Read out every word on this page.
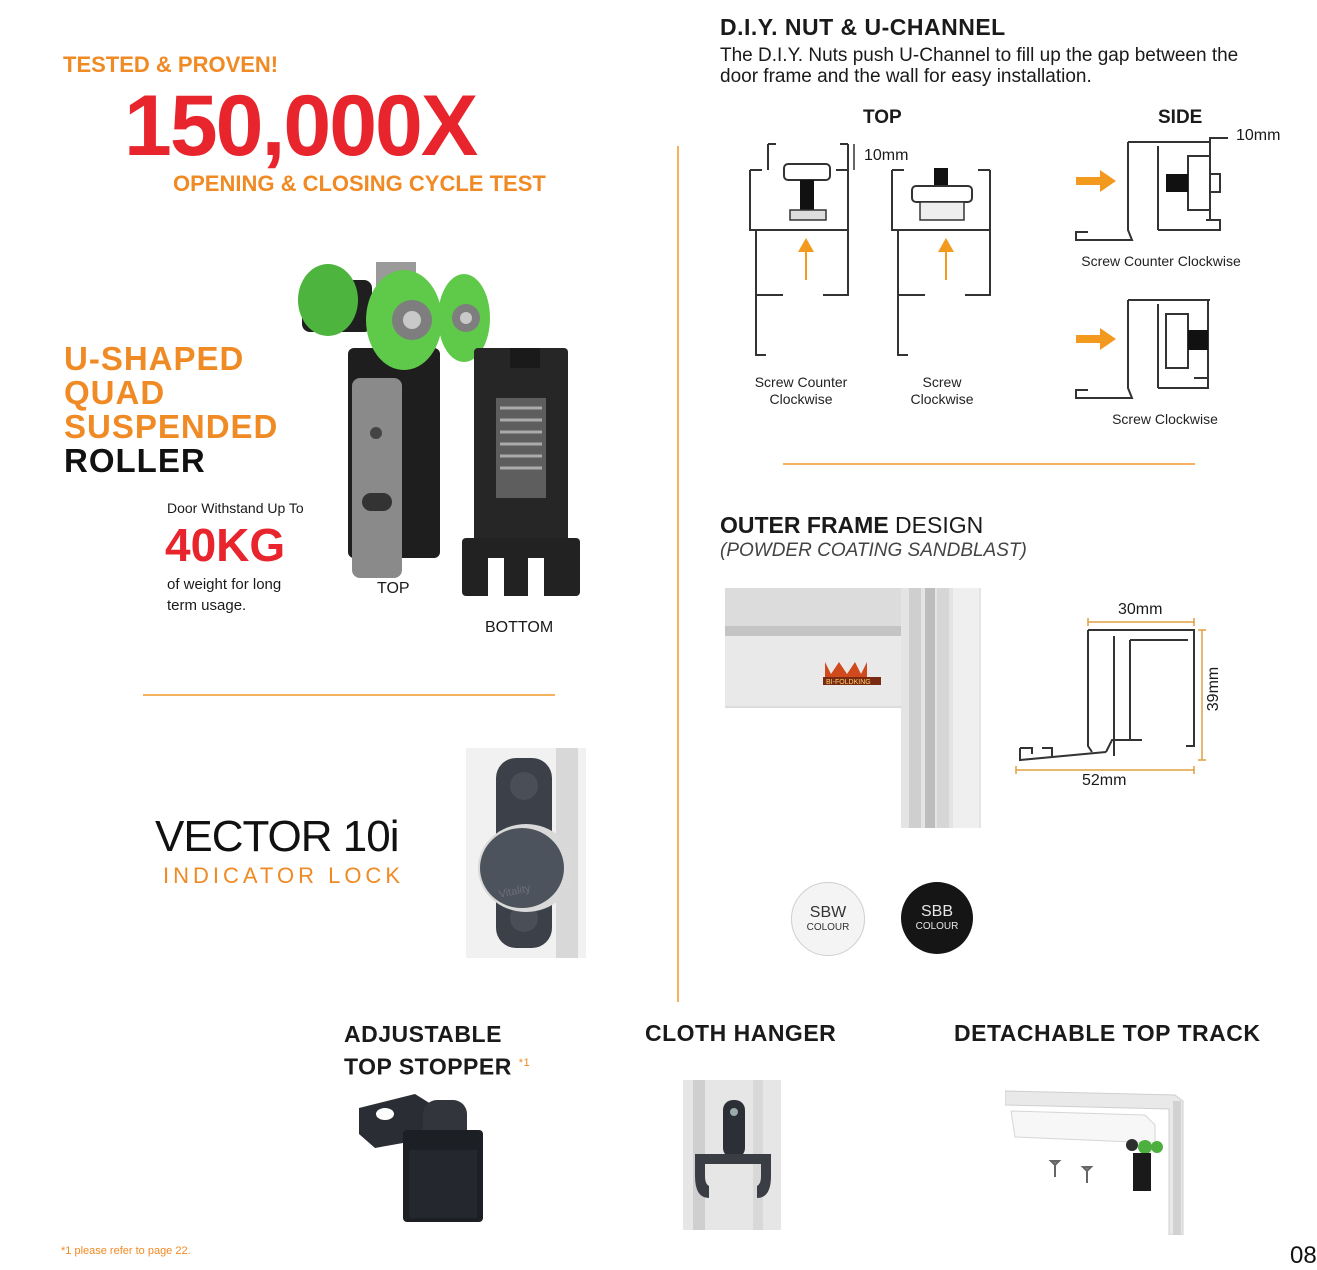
TESTED & PROVEN!
150,000X
OPENING & CLOSING CYCLE TEST
U-SHAPED
QUAD
SUSPENDED
ROLLER
Door Withstand Up To
40KG
of weight for long
term usage.
TOP
BOTTOM
VECTOR 10i
INDICATOR LOCK
Vitality
D.I.Y. NUT & U-CHANNEL
The D.I.Y. Nuts push U-Channel to fill up the gap between the
door frame and the wall for easy installation.
TOP	SIDE
10mm
10mm
Screw Counter
Clockwise
Screw
Clockwise
Screw Counter Clockwise
Screw Clockwise
OUTER FRAME DESIGN
(POWDER COATING SANDBLAST)
BI-FOLDKING
30mm
52mm
39mm
SBW
COLOUR
SBB
COLOUR
ADJUSTABLE
TOP STOPPER $^{*1}$
CLOTH HANGER	DETACHABLE TOP TRACK
*1 please refer to page 22.	08
